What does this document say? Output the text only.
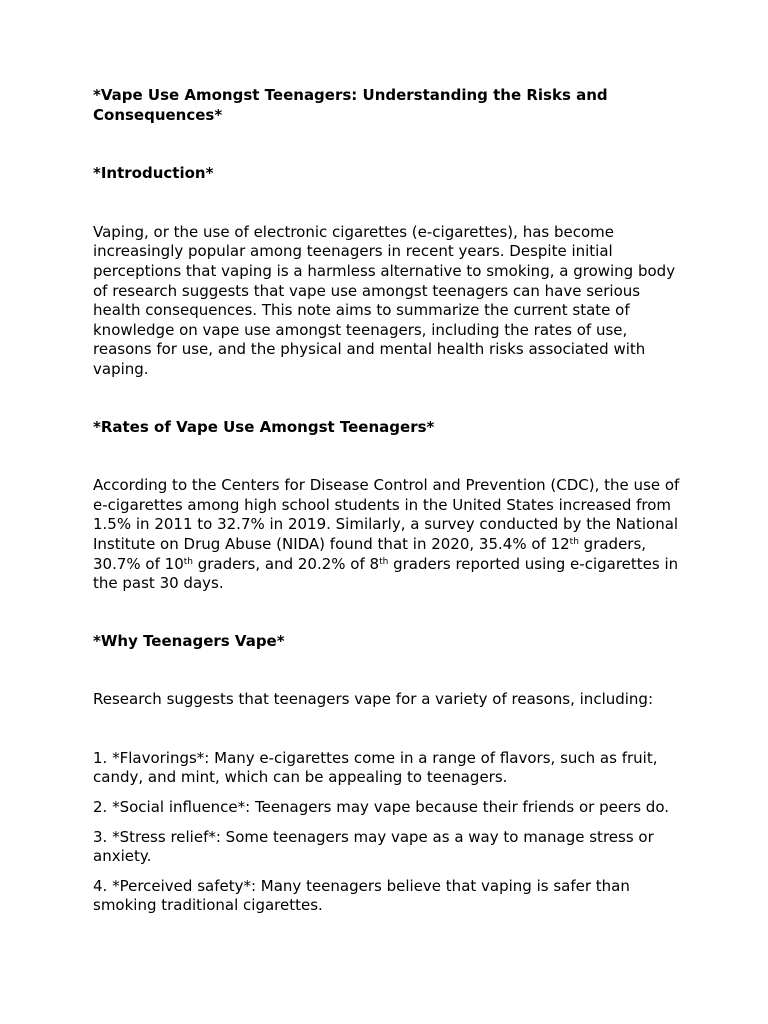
*Vape Use Amongst Teenagers: Understanding the Risks and Consequences*

*Introduction*

Vaping, or the use of electronic cigarettes (e-cigarettes), has become increasingly popular among teenagers in recent years. Despite initial perceptions that vaping is a harmless alternative to smoking, a growing body of research suggests that vape use amongst teenagers can have serious health consequences. This note aims to summarize the current state of knowledge on vape use amongst teenagers, including the rates of use, reasons for use, and the physical and mental health risks associated with vaping.

*Rates of Vape Use Amongst Teenagers*

According to the Centers for Disease Control and Prevention (CDC), the use of e-cigarettes among high school students in the United States increased from 1.5% in 2011 to 32.7% in 2019. Similarly, a survey conducted by the National Institute on Drug Abuse (NIDA) found that in 2020, 35.4% of 12th graders, 30.7% of 10th graders, and 20.2% of 8th graders reported using e-cigarettes in the past 30 days.

*Why Teenagers Vape*

Research suggests that teenagers vape for a variety of reasons, including:

1. *Flavorings*: Many e-cigarettes come in a range of flavors, such as fruit, candy, and mint, which can be appealing to teenagers.

2. *Social influence*: Teenagers may vape because their friends or peers do.

3. *Stress relief*: Some teenagers may vape as a way to manage stress or anxiety.

4. *Perceived safety*: Many teenagers believe that vaping is safer than smoking traditional cigarettes.
